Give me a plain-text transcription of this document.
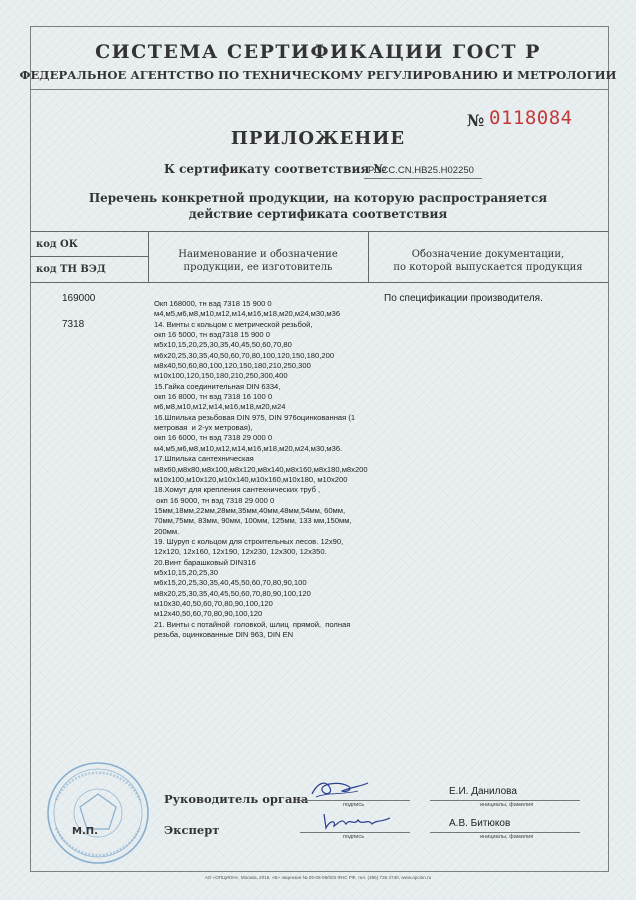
СИСТЕМА СЕРТИФИКАЦИИ ГОСТ Р
ФЕДЕРАЛЬНОЕ АГЕНТСТВО ПО ТЕХНИЧЕСКОМУ РЕГУЛИРОВАНИЮ И МЕТРОЛОГИИ
№ 0118084
ПРИЛОЖЕНИЕ
К сертификату соответствия №
РОСС.CN.НВ25.Н02250
Перечень конкретной продукции, на которую распространяется
действие сертификата соответствия
код ОК
код ТН ВЭД
Наименование и обозначение
продукции, ее изготовитель
Обозначение документации,
по которой выпускается продукция
169000
7318
Окп 168000, тн вэд 7318 15 900 0
м4,м5,м6,м8,м10,м12,м14,м16,м18,м20,м24,м30,м36
14. Винты с кольцом с метрической резьбой,
окп 16 5000, тн вэд7318 15 900 0
м5х10,15,20,25,30,35,40,45,50,60,70,80
м6х20,25,30,35,40,50,60,70,80,100,120,150,180,200
м8х40,50,60,80,100,120,150,180,210,250,300
м10х100,120,150,180,210,250,300,400
15.Гайка соединительная DIN 6334,
окп 16 8000, тн вэд 7318 16 100 0
м6,м8,м10,м12,м14,м16,м18,м20,м24
16.Шпилька резьбовая DIN 975, DIN 976оцинкованная (1
метровая  и 2-ух метровая),
окп 16 6000, тн вэд 7318 29 000 0
м4,м5,м6,м8,м10,м12,м14,м16,м18,м20,м24,м30,м36.
17.Шпилька сантехническая
м8х60,м8х80,м8х100,м8х120,м8х140,м8х160,м8х180,м8х200
м10х100,м10х120,м10х140,м10х160,м10х180, м10х200
18.Хомут для крепления сантехнических труб ,
окп 16 9000, тн вэд 7318 29 000 0
15мм,18мм,22мм,28мм,35мм,40мм,48мм,54мм, 60мм,
70мм,75мм, 83мм, 90мм, 100мм, 125мм, 133 мм,150мм,
200мм.
19. Шуруп с кольцом для строительных лесов. 12х90,
12х120, 12х160, 12х190, 12х230, 12х300, 12х350.
20.Винт барашковый DIN316
м5х10,15,20,25,30
м6х15,20,25,30,35,40,45,50,60,70,80,90,100
м8х20,25,30,35,40,45,50,60,70,80,90,100,120
м10х30,40,50,60,70,80,90,100,120
м12х40,50,60,70,80,90,100,120
21. Винты с потайной  головкой, шлиц  прямой,  полная
резьба, оцинкованные DIN 963, DIN EN
По спецификации производителя.
М.П.
Руководитель органа	подпись
Е.И. Данилова
инициалы, фамилия
Эксперт	подпись
А.В. Битюков
инициалы, фамилия
АО «ОПЦИОН», Москва, 2015, «Б» лицензия № 05-05-09/003 ФНС РФ, тел. (495) 726 4740, www.opcion.ru
